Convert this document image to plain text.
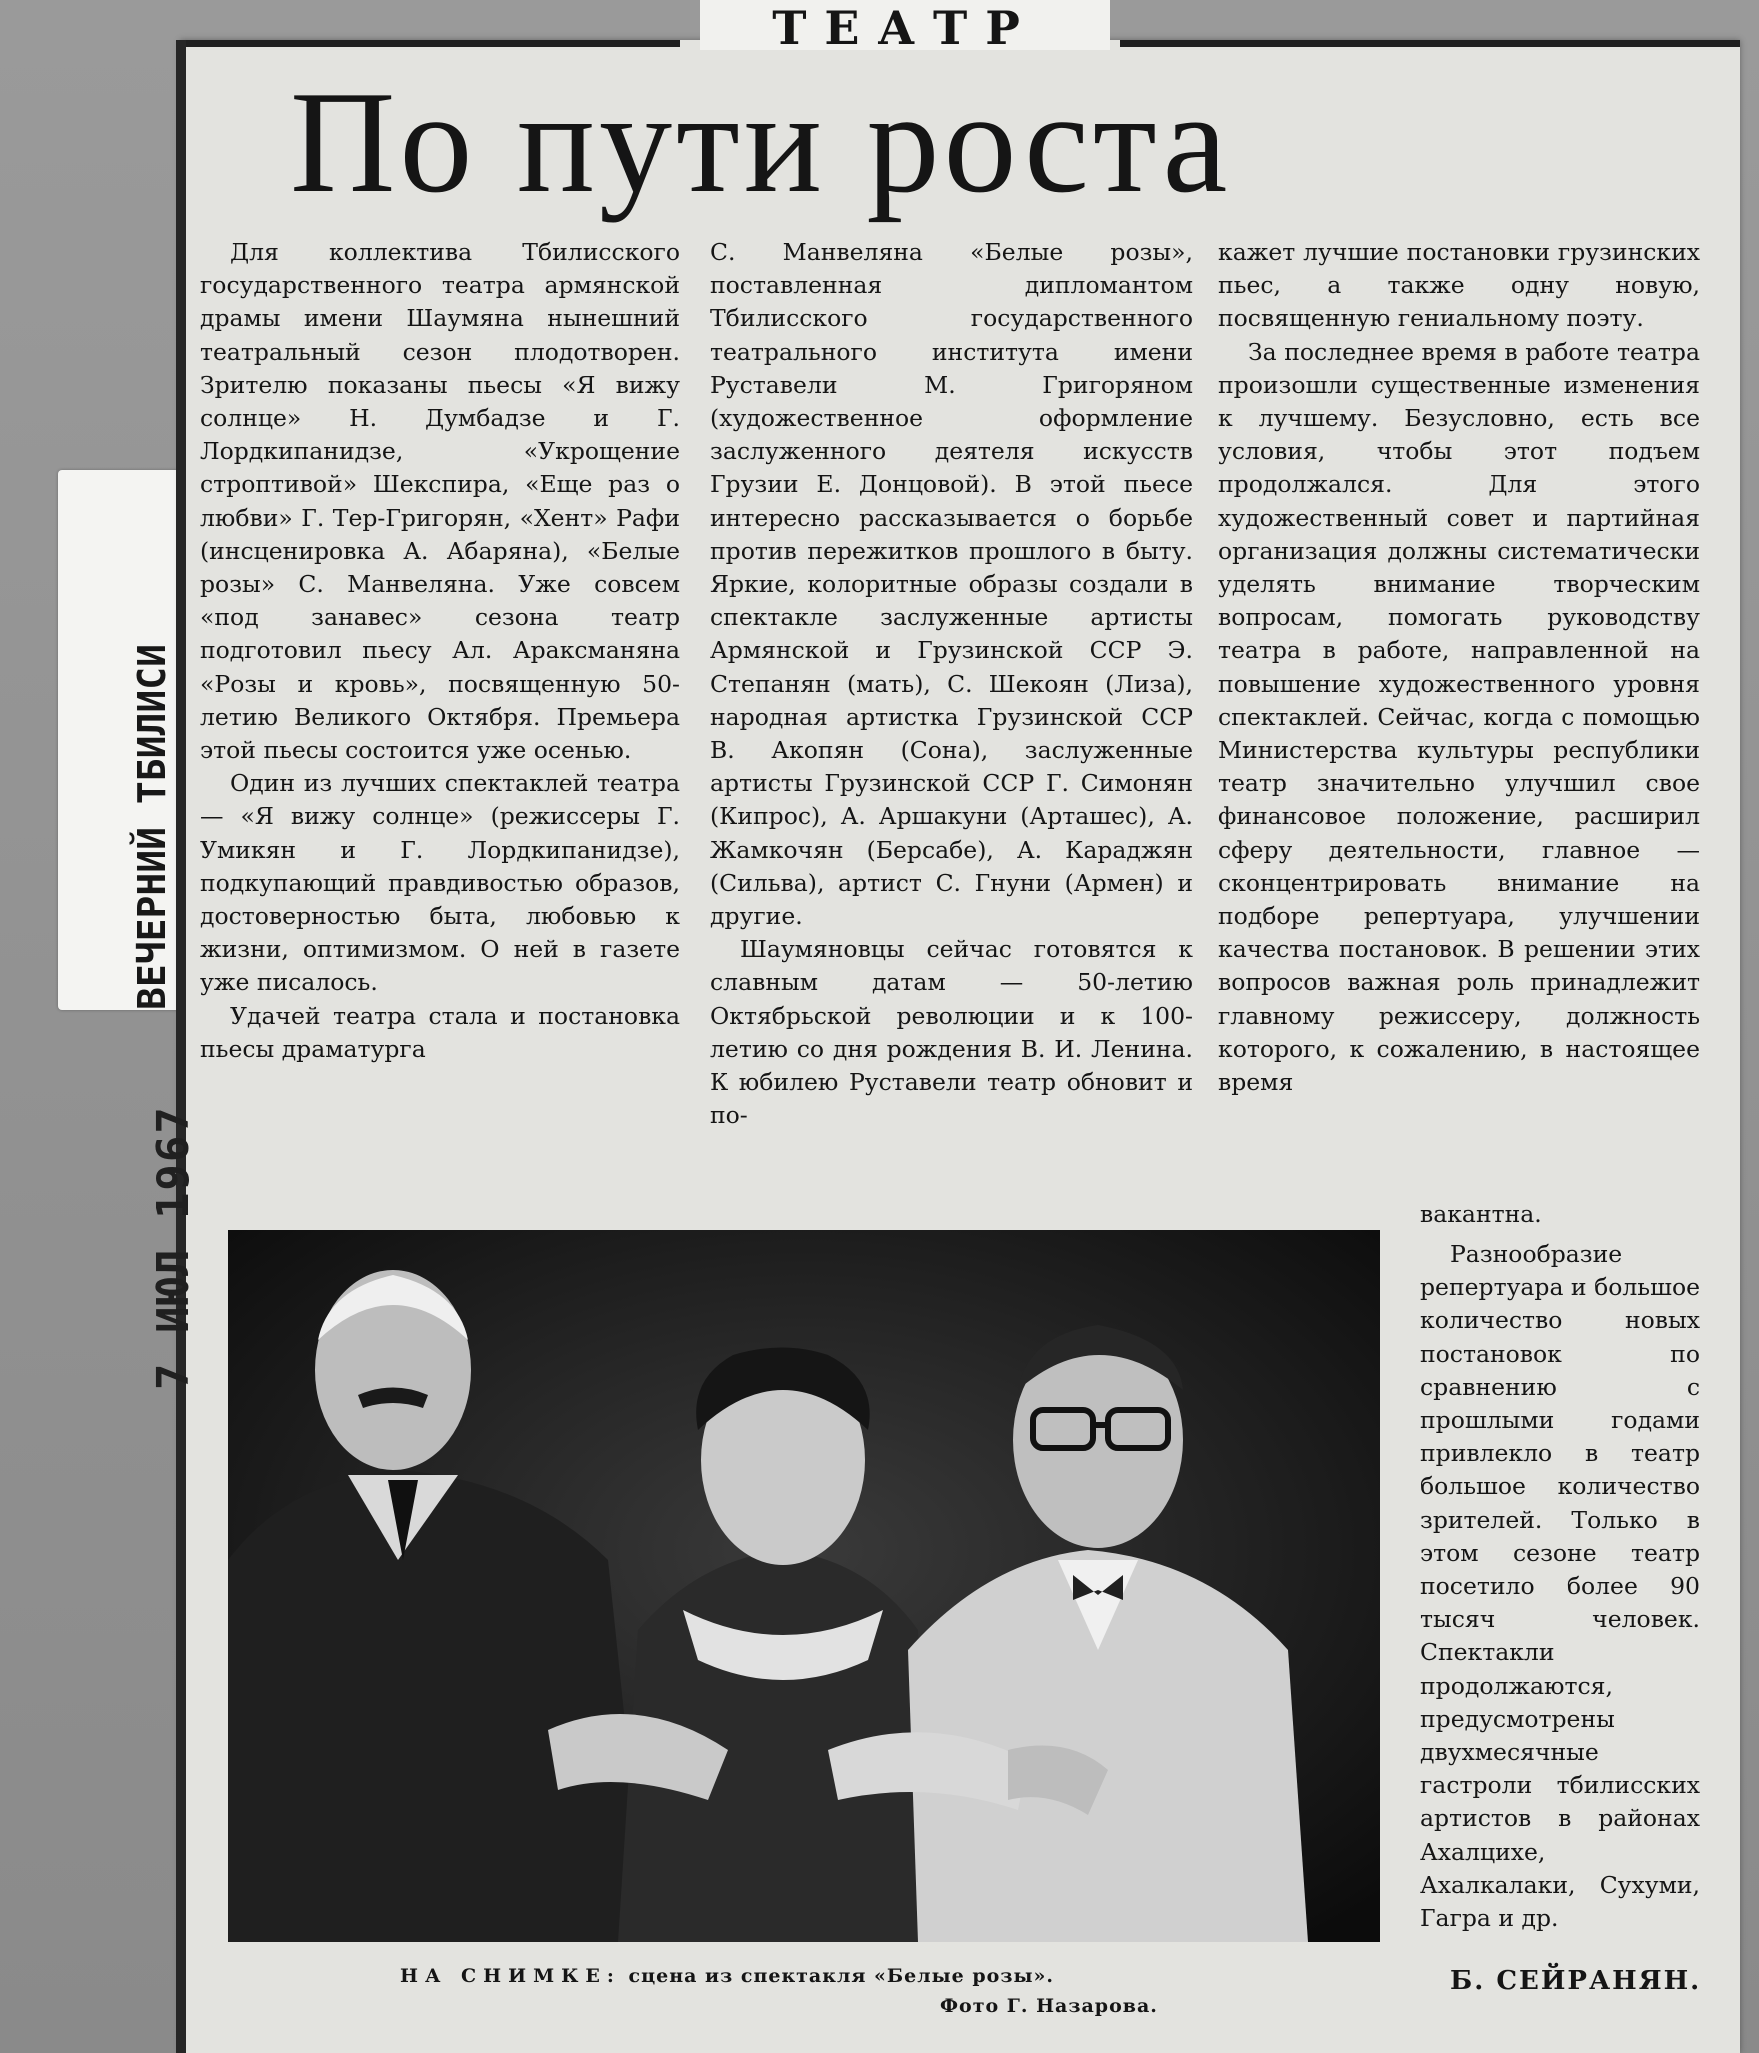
ВЕЧЕРНИЙ ТБИЛИСИ
7 ИЮЛ 1967
ТЕАТР
По пути роста

Для коллектива Тбилисского государственного театра армянской драмы имени Шаумяна нынешний театральный сезон плодотворен. Зрителю показаны пьесы «Я вижу солнце» Н. Думбадзе и Г. Лордкипанидзе, «Укрощение строптивой» Шекспира, «Еще раз о любви» Г. Тер-Григорян, «Хент» Рафи (инсценировка А. Абаряна), «Белые розы» С. Манвеляна. Уже совсем «под занавес» сезона театр подготовил пьесу Ал. Араксманяна «Розы и кровь», посвященную 50-летию Великого Октября. Премьера этой пьесы состоится уже осенью.

Один из лучших спектаклей театра — «Я вижу солнце» (режиссеры Г. Умикян и Г. Лордкипанидзе), подкупающий правдивостью образов, достоверностью быта, любовью к жизни, оптимизмом. О ней в газете уже писалось.

Удачей театра стала и постановка пьесы драматурга

С. Манвеляна «Белые розы», поставленная дипломантом Тбилисского государственного театрального института имени Руставели М. Григоряном (художественное оформление заслуженного деятеля искусств Грузии Е. Донцовой). В этой пьесе интересно рассказывается о борьбе против пережитков прошлого в быту. Яркие, колоритные образы создали в спектакле заслуженные артисты Армянской и Грузинской ССР Э. Степанян (мать), С. Шекоян (Лиза), народная артистка Грузинской ССР В. Акопян (Сона), заслуженные артисты Грузинской ССР Г. Симонян (Кипрос), А. Аршакуни (Арташес), А. Жамкочян (Берсабе), А. Караджян (Сильва), артист С. Гнуни (Армен) и другие.

Шаумяновцы сейчас готовятся к славным датам — 50-летию Октябрьской революции и к 100-летию со дня рождения В. И. Ленина. К юбилею Руставели театр обновит и по-

кажет лучшие постановки грузинских пьес, а также одну новую, посвященную гениальному поэту.

За последнее время в работе театра произошли существенные изменения к лучшему. Безусловно, есть все условия, чтобы этот подъем продолжался. Для этого художественный совет и партийная организация должны систематически уделять внимание творческим вопросам, помогать руководству театра в работе, направленной на повышение художественного уровня спектаклей. Сейчас, когда с помощью Министерства культуры республики театр значительно улучшил свое финансовое положение, расширил сферу деятельности, главное — сконцентрировать внимание на подборе репертуара, улучшении качества постановок. В решении этих вопросов важная роль принадлежит главному режиссеру, должность которого, к сожалению, в настоящее время

вакантна.

Разнообразие репертуара и большое количество новых постановок по сравнению с прошлыми годами привлекло в театр большое количество зрителей. Только в этом сезоне театр посетило более 90 тысяч человек. Спектакли продолжаются, предусмотрены двухмесячные гастроли тбилисских артистов в районах Ахалцихе, Ахалкалаки, Сухуми, Гагра и др.

НА СНИМКЕ: сцена из спектакля «Белые розы».
Фото Г. Назарова.
Б. СЕЙРАНЯН.
